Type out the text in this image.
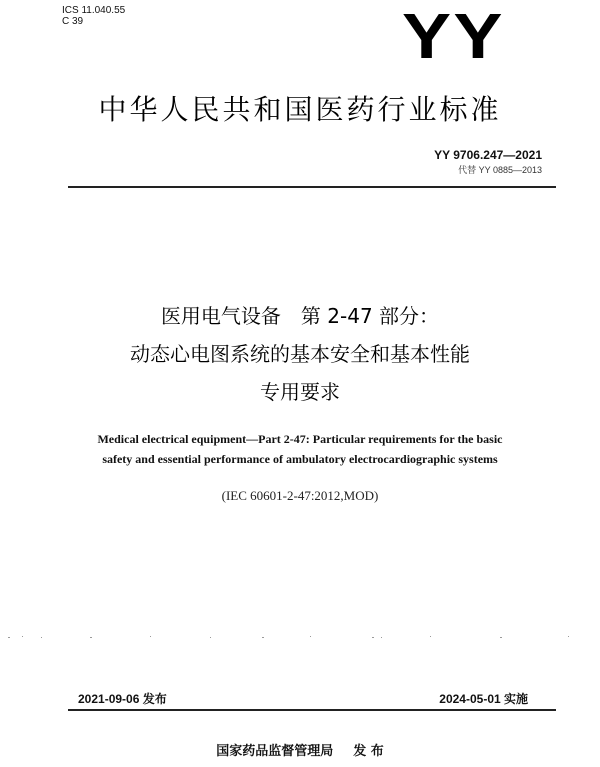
ICS 11.040.55
C 39	YY
中华人民共和国医药行业标准
YY 9706.247—2021
代替 YY 0885—2013
医用电气设备　第 2-47 部分：
动态心电图系统的基本安全和基本性能
专用要求
Medical electrical equipment—Part 2-47: Particular requirements for the basic
safety and essential performance of ambulatory electrocardiographic systems
(IEC 60601-2-47:2012,MOD)
2021-09-06 发布	2024-05-01 实施
国家药品监督管理局 发 布
